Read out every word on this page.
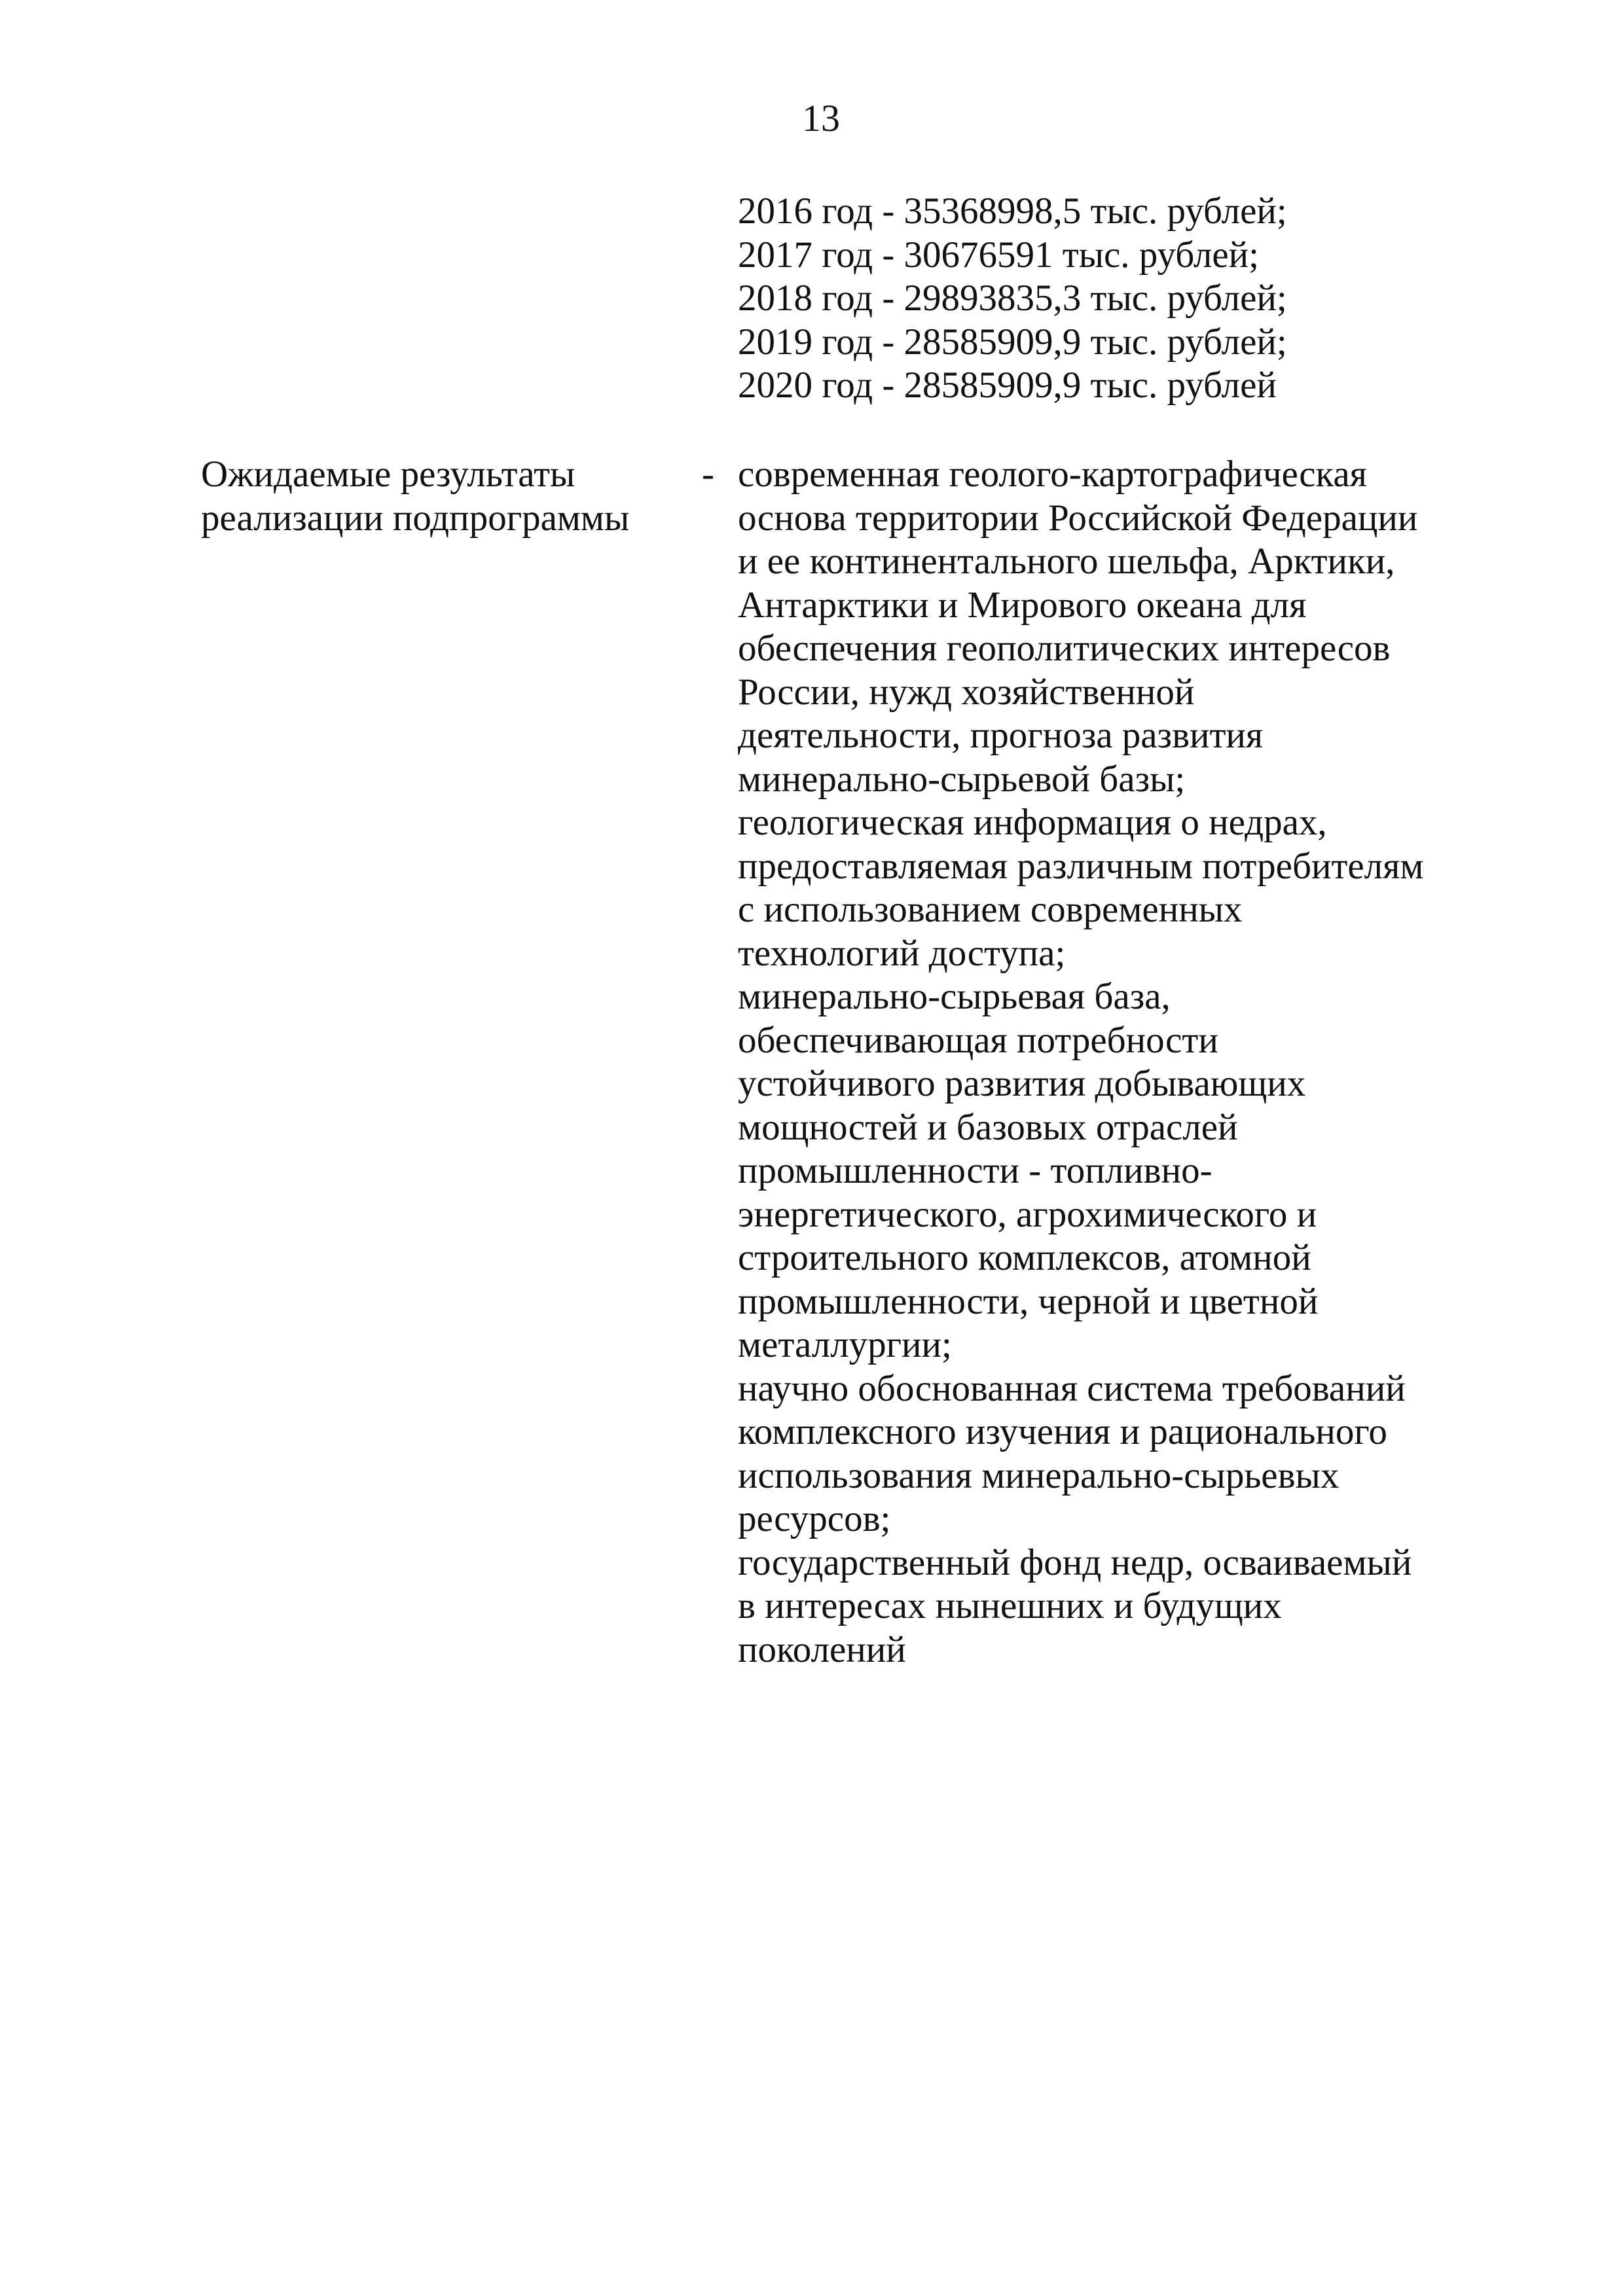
13
2016 год - 35368998,5 тыс. рублей;
2017 год - 30676591 тыс. рублей;
2018 год - 29893835,3 тыс. рублей;
2019 год - 28585909,9 тыс. рублей;
2020 год - 28585909,9 тыс. рублей
Ожидаемые результаты
реализации подпрограммы
- современная геолого-картографическая
основа территории Российской Федерации
и ее континентального шельфа, Арктики,
Антарктики и Мирового океана для
обеспечения геополитических интересов
России, нужд хозяйственной
деятельности, прогноза развития
минерально-сырьевой базы;
геологическая информация о недрах,
предоставляемая различным потребителям
с использованием современных
технологий доступа;
минерально-сырьевая база,
обеспечивающая потребности
устойчивого развития добывающих
мощностей и базовых отраслей
промышленности - топливно-
энергетического, агрохимического и
строительного комплексов, атомной
промышленности, черной и цветной
металлургии;
научно обоснованная система требований
комплексного изучения и рационального
использования минерально-сырьевых
ресурсов;
государственный фонд недр, осваиваемый
в интересах нынешних и будущих
поколений
